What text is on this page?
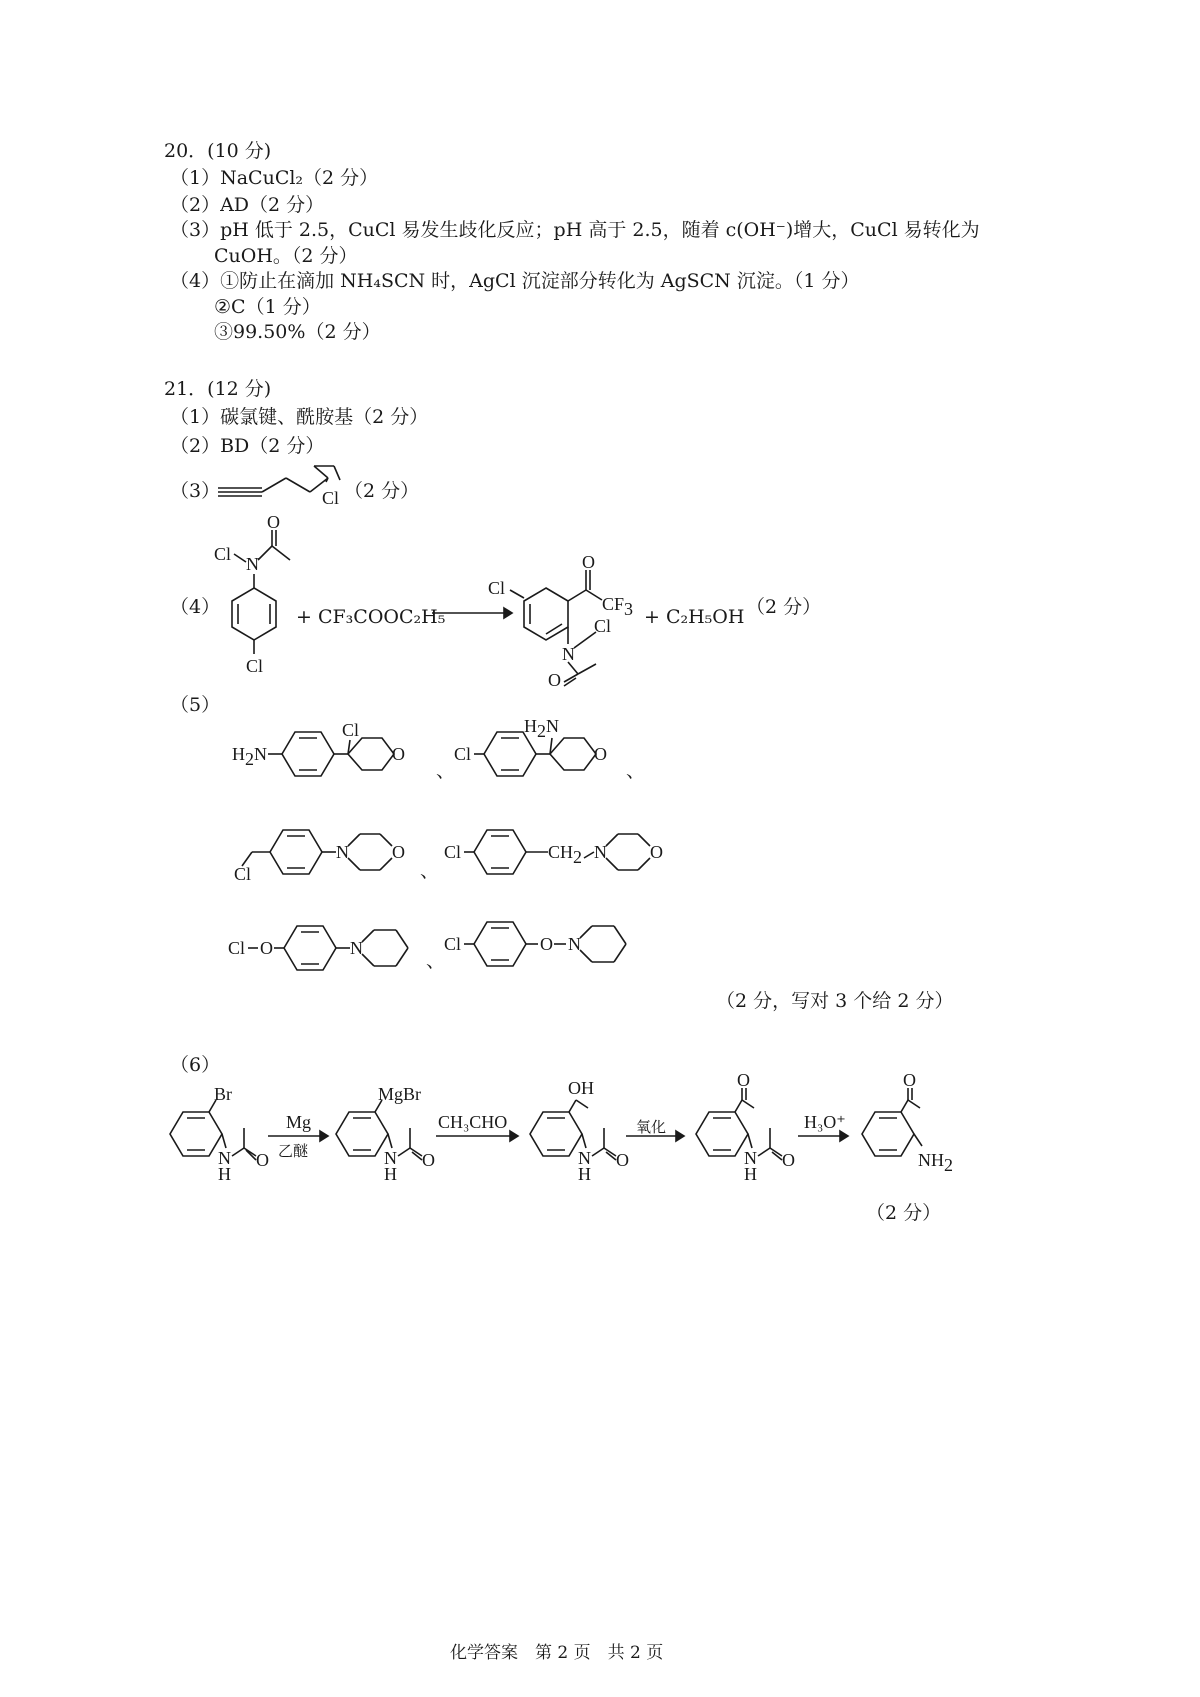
20．(10 分)
（1）NaCuCl₂（2 分）
（2）AD（2 分）
（3）pH 低于 2.5，CuCl 易发生歧化反应；pH 高于 2.5，随着 c(OH⁻)增大，CuCl 易转化为
CuOH。（2 分）
（4）①防止在滴加 NH₄SCN 时，AgCl 沉淀部分转化为 AgSCN 沉淀。（1 分）
②C（1 分）
③99.50%（2 分）
21．(12 分)
（1）碳氯键、酰胺基（2 分）
（2）BD（2 分）
（3）	Cl （2 分）
（4）
Cl N
O
Cl
+ CF₃COOC₂H₅
Cl
O
CF3
N
Cl
O
+ C₂H₅OH （2 分）
（5）
H2N
Cl
O
、
Cl
H2N
O
、
Cl
N O
、
Cl	CH2 N O
Cl O	N
、
Cl	O N
（2 分，写对 3 个给 2 分）
（6）
Br
N
H
O
Mg
乙醚
MgBr
N
H
O
CH₃CHO
OH
N
H
O
氧化
O
N
H
O
H₃O⁺
O
NH2
（2 分）
化学答案　第 2 页　共 2 页
